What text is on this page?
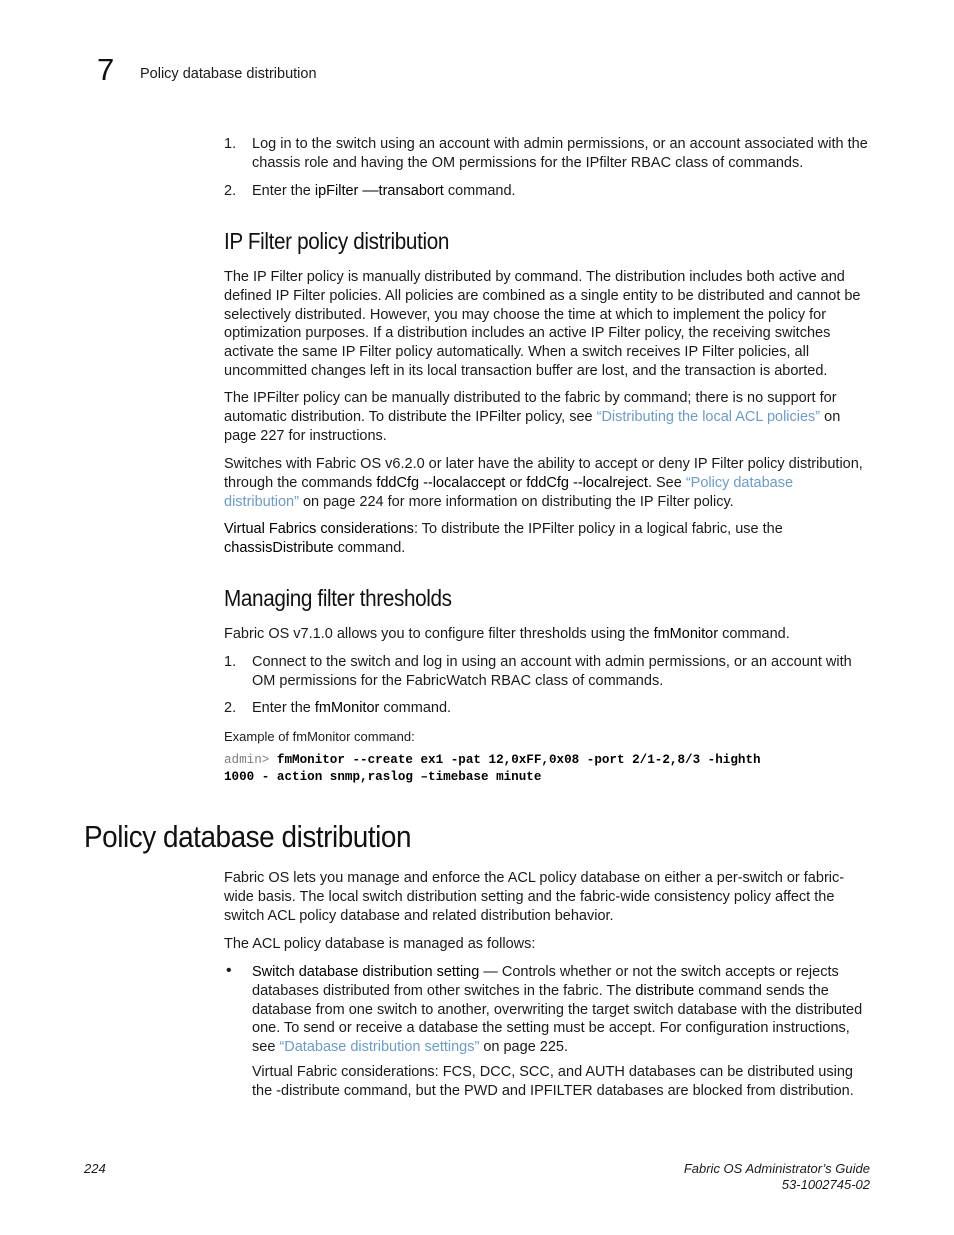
7 Policy database distribution
1. Log in to the switch using an account with admin permissions, or an account associated with the chassis role and having the OM permissions for the IPfilter RBAC class of commands.
2. Enter the ipFilter ––transabort command.
IP Filter policy distribution

The IP Filter policy is manually distributed by command. The distribution includes both active and defined IP Filter policies. All policies are combined as a single entity to be distributed and cannot be selectively distributed. However, you may choose the time at which to implement the policy for optimization purposes. If a distribution includes an active IP Filter policy, the receiving switches activate the same IP Filter policy automatically. When a switch receives IP Filter policies, all uncommitted changes left in its local transaction buffer are lost, and the transaction is aborted.

The IPFilter policy can be manually distributed to the fabric by command; there is no support for automatic distribution. To distribute the IPFilter policy, see “Distributing the local ACL policies” on page 227 for instructions.

Switches with Fabric OS v6.2.0 or later have the ability to accept or deny IP Filter policy distribution, through the commands fddCfg --localaccept or fddCfg --localreject. See “Policy database distribution” on page 224 for more information on distributing the IP Filter policy.

Virtual Fabrics considerations: To distribute the IPFilter policy in a logical fabric, use the chassisDistribute command.

Managing filter thresholds

Fabric OS v7.1.0 allows you to configure filter thresholds using the fmMonitor command.

1. Connect to the switch and log in using an account with admin permissions, or an account with OM permissions for the FabricWatch RBAC class of commands.
2. Enter the fmMonitor command.
Example of fmMonitor command:
admin> fmMonitor --create ex1 -pat 12,0xFF,0x08 -port 2/1-2,8/3 -highth
1000 - action snmp,raslog –timebase minute
Policy database distribution

Fabric OS lets you manage and enforce the ACL policy database on either a per-switch or fabric-wide basis. The local switch distribution setting and the fabric-wide consistency policy affect the switch ACL policy database and related distribution behavior.

The ACL policy database is managed as follows:

• Switch database distribution setting — Controls whether or not the switch accepts or rejects databases distributed from other switches in the fabric. The distribute command sends the database from one switch to another, overwriting the target switch database with the distributed one. To send or receive a database the setting must be accept. For configuration instructions, see “Database distribution settings” on page 225.
Virtual Fabric considerations: FCS, DCC, SCC, and AUTH databases can be distributed using the -distribute command, but the PWD and IPFILTER databases are blocked from distribution.
224	Fabric OS Administrator’s Guide
53-1002745-02
